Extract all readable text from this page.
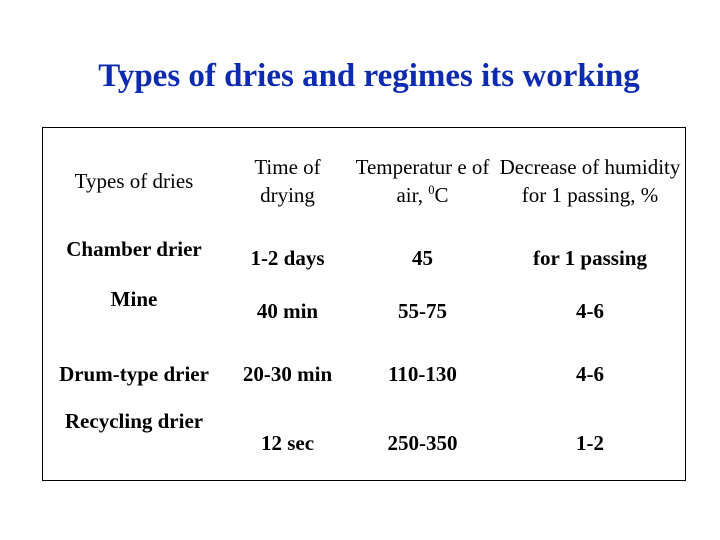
Types of dries and regimes its working
Types of dries	Time of drying	Temperatur e of air, $^0$C	Decrease of humidity for 1 passing, %
Chamber drier	1-2 days	45	for 1 passing
Mine	40 min	55-75	4-6
Drum-type drier	20-30 min	110-130	4-6
Recycling drier	12 sec	250-350	1-2
